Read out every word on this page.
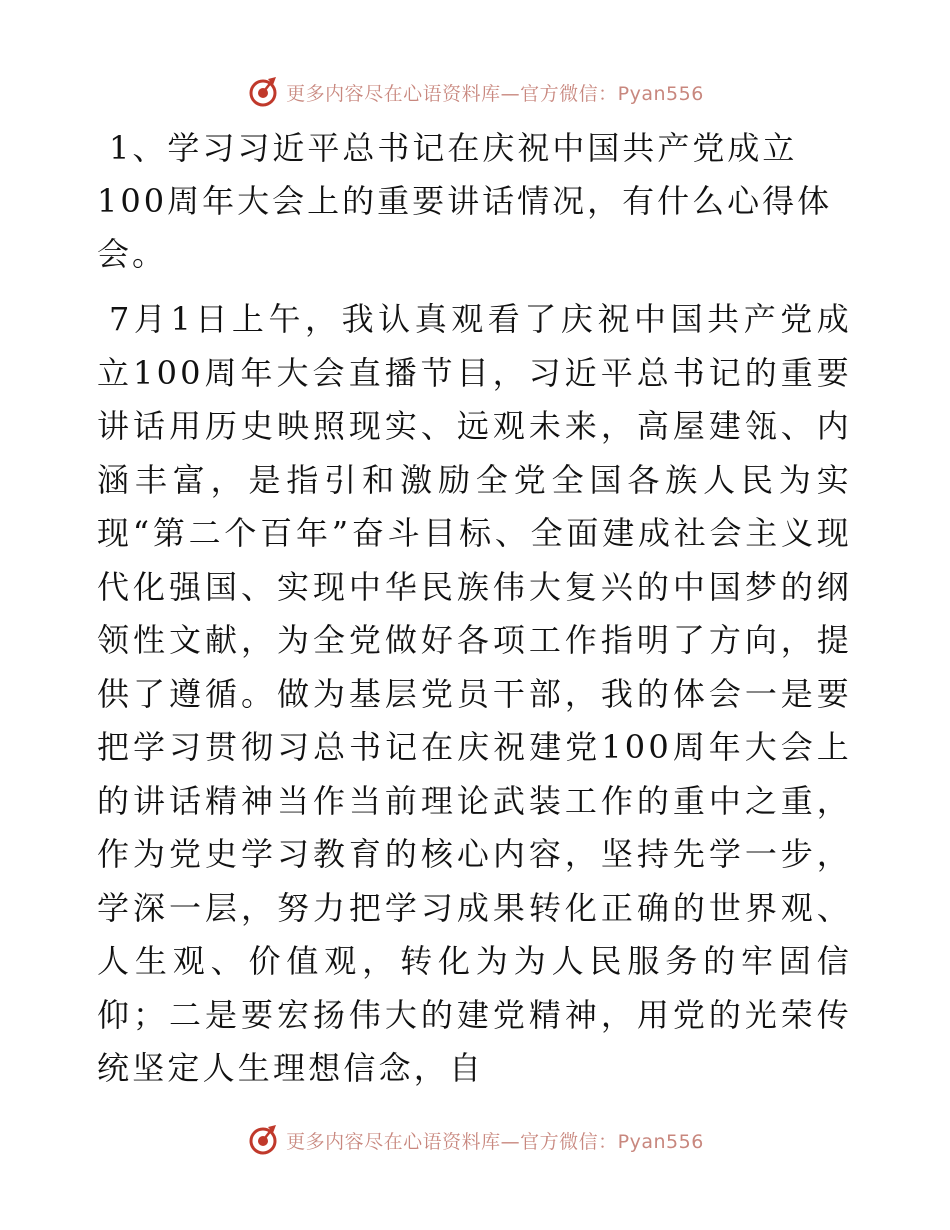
更多内容尽在心语资料库—官方微信：Pyan556
1、学习习近平总书记在庆祝中国共产党成立100周年大会上的重要讲话情况，有什么心得体会。

7月1日上午，我认真观看了庆祝中国共产党成立100周年大会直播节目，习近平总书记的重要讲话用历史映照现实、远观未来，高屋建瓴、内涵丰富，是指引和激励全党全国各族人民为实现“第二个百年”奋斗目标、全面建成社会主义现代化强国、实现中华民族伟大复兴的中国梦的纲领性文献，为全党做好各项工作指明了方向，提供了遵循。做为基层党员干部，我的体会一是要把学习贯彻习总书记在庆祝建党100周年大会上的讲话精神当作当前理论武装工作的重中之重，作为党史学习教育的核心内容，坚持先学一步，学深一层，努力把学习成果转化正确的世界观、人生观、价值观，转化为为人民服务的牢固信仰；二是要宏扬伟大的建党精神，用党的光荣传统坚定人生理想信念，自

更多内容尽在心语资料库—官方微信：Pyan556
